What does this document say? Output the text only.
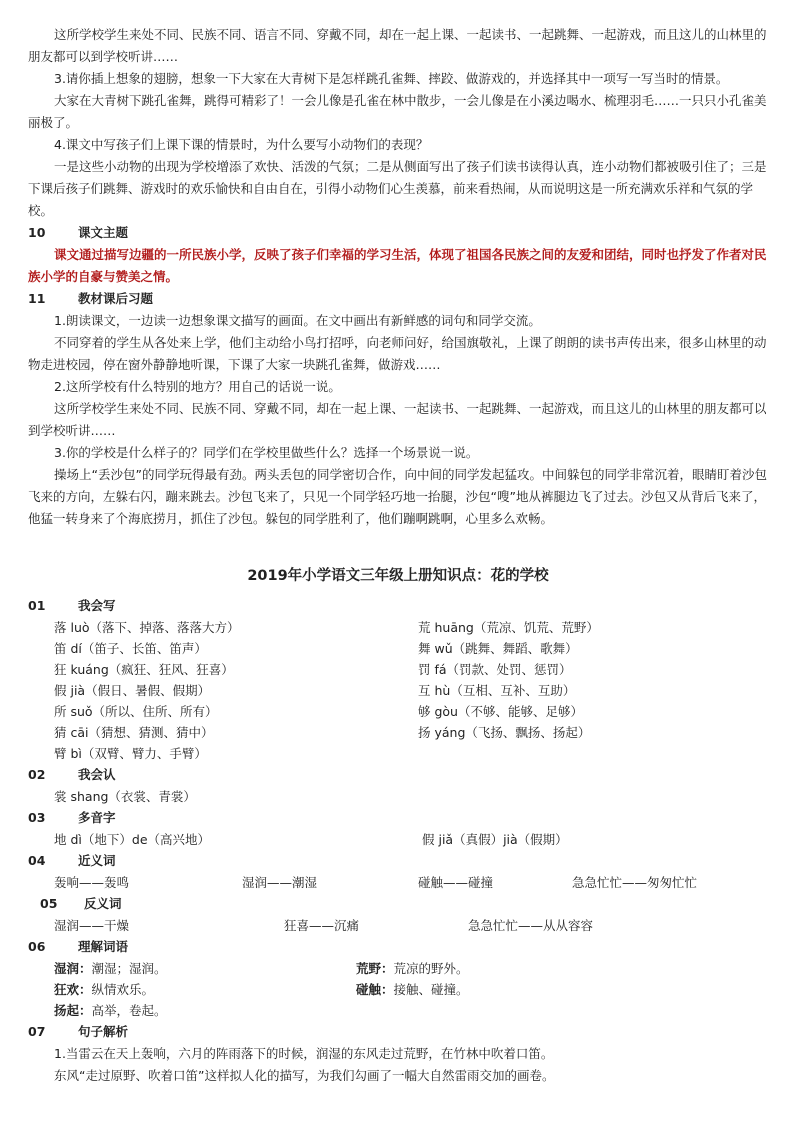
这所学校学生来处不同、民族不同、语言不同、穿戴不同，却在一起上课、一起读书、一起跳舞、一起游戏，而且这儿的山林里的朋友都可以到学校听讲……

3.请你插上想象的翅膀，想象一下大家在大青树下是怎样跳孔雀舞、摔跤、做游戏的，并选择其中一项写一写当时的情景。

大家在大青树下跳孔雀舞，跳得可精彩了！一会儿像是孔雀在林中散步，一会儿像是在小溪边喝水、梳理羽毛……一只只小孔雀美丽极了。

4.课文中写孩子们上课下课的情景时，为什么要写小动物们的表现？

一是这些小动物的出现为学校增添了欢快、活泼的气氛；二是从侧面写出了孩子们读书读得认真，连小动物们都被吸引住了；三是下课后孩子们跳舞、游戏时的欢乐愉快和自由自在，引得小动物们心生羡慕，前来看热闹，从而说明这是一所充满欢乐祥和气氛的学校。

10	课文主题

课文通过描写边疆的一所民族小学，反映了孩子们幸福的学习生活，体现了祖国各民族之间的友爱和团结，同时也抒发了作者对民族小学的自豪与赞美之情。

11	教材课后习题

1.朗读课文，一边读一边想象课文描写的画面。在文中画出有新鲜感的词句和同学交流。

不同穿着的学生从各处来上学，他们主动给小鸟打招呼，向老师问好，给国旗敬礼，上课了朗朗的读书声传出来，很多山林里的动物走进校园，停在窗外静静地听课，下课了大家一块跳孔雀舞，做游戏……

2.这所学校有什么特别的地方？用自己的话说一说。

这所学校学生来处不同、民族不同、穿戴不同，却在一起上课、一起读书、一起跳舞、一起游戏，而且这儿的山林里的朋友都可以到学校听讲……

3.你的学校是什么样子的？同学们在学校里做些什么？选择一个场景说一说。

操场上“丢沙包”的同学玩得最有劲。两头丢包的同学密切合作，向中间的同学发起猛攻。中间躲包的同学非常沉着，眼睛盯着沙包飞来的方向，左躲右闪，蹦来跳去。沙包飞来了，只见一个同学轻巧地一抬腿，沙包“嗖”地从裤腿边飞了过去。沙包又从背后飞来了，他猛一转身来了个海底捞月，抓住了沙包。躲包的同学胜利了，他们蹦啊跳啊，心里多么欢畅。

2019年小学语文三年级上册知识点：花的学校
01	我会写
落 luò（落下、掉落、落落大方）	荒 huāng（荒凉、饥荒、荒野）
笛 dí（笛子、长笛、笛声）	舞 wǔ（跳舞、舞蹈、歌舞）
狂 kuáng（疯狂、狂风、狂喜）	罚 fá（罚款、处罚、惩罚）
假 jià（假日、暑假、假期）	互 hù（互相、互补、互助）
所 suǒ（所以、住所、所有）	够 gòu（不够、能够、足够）
猜 cāi（猜想、猜测、猜中）	扬 yáng（飞扬、飘扬、扬起）
臂 bì（双臂、臂力、手臂）
02	我会认
裳 shang（衣裳、青裳）
03	多音字
地 dì（地下）de（高兴地）	假 jiǎ（真假）jià（假期）
04	近义词
轰响——轰鸣	湿润——潮湿	碰触——碰撞	急急忙忙——匆匆忙忙
05	反义词
湿润——干燥	狂喜——沉痛	急急忙忙——从从容容
06	理解词语
湿润：潮湿；湿润。	荒野：荒凉的野外。
狂欢：纵情欢乐。	碰触：接触、碰撞。
扬起：高举，卷起。
07	句子解析

1.当雷云在天上轰响，六月的阵雨落下的时候，润湿的东风走过荒野，在竹林中吹着口笛。

东风“走过原野、吹着口笛”这样拟人化的描写，为我们勾画了一幅大自然雷雨交加的画卷。
